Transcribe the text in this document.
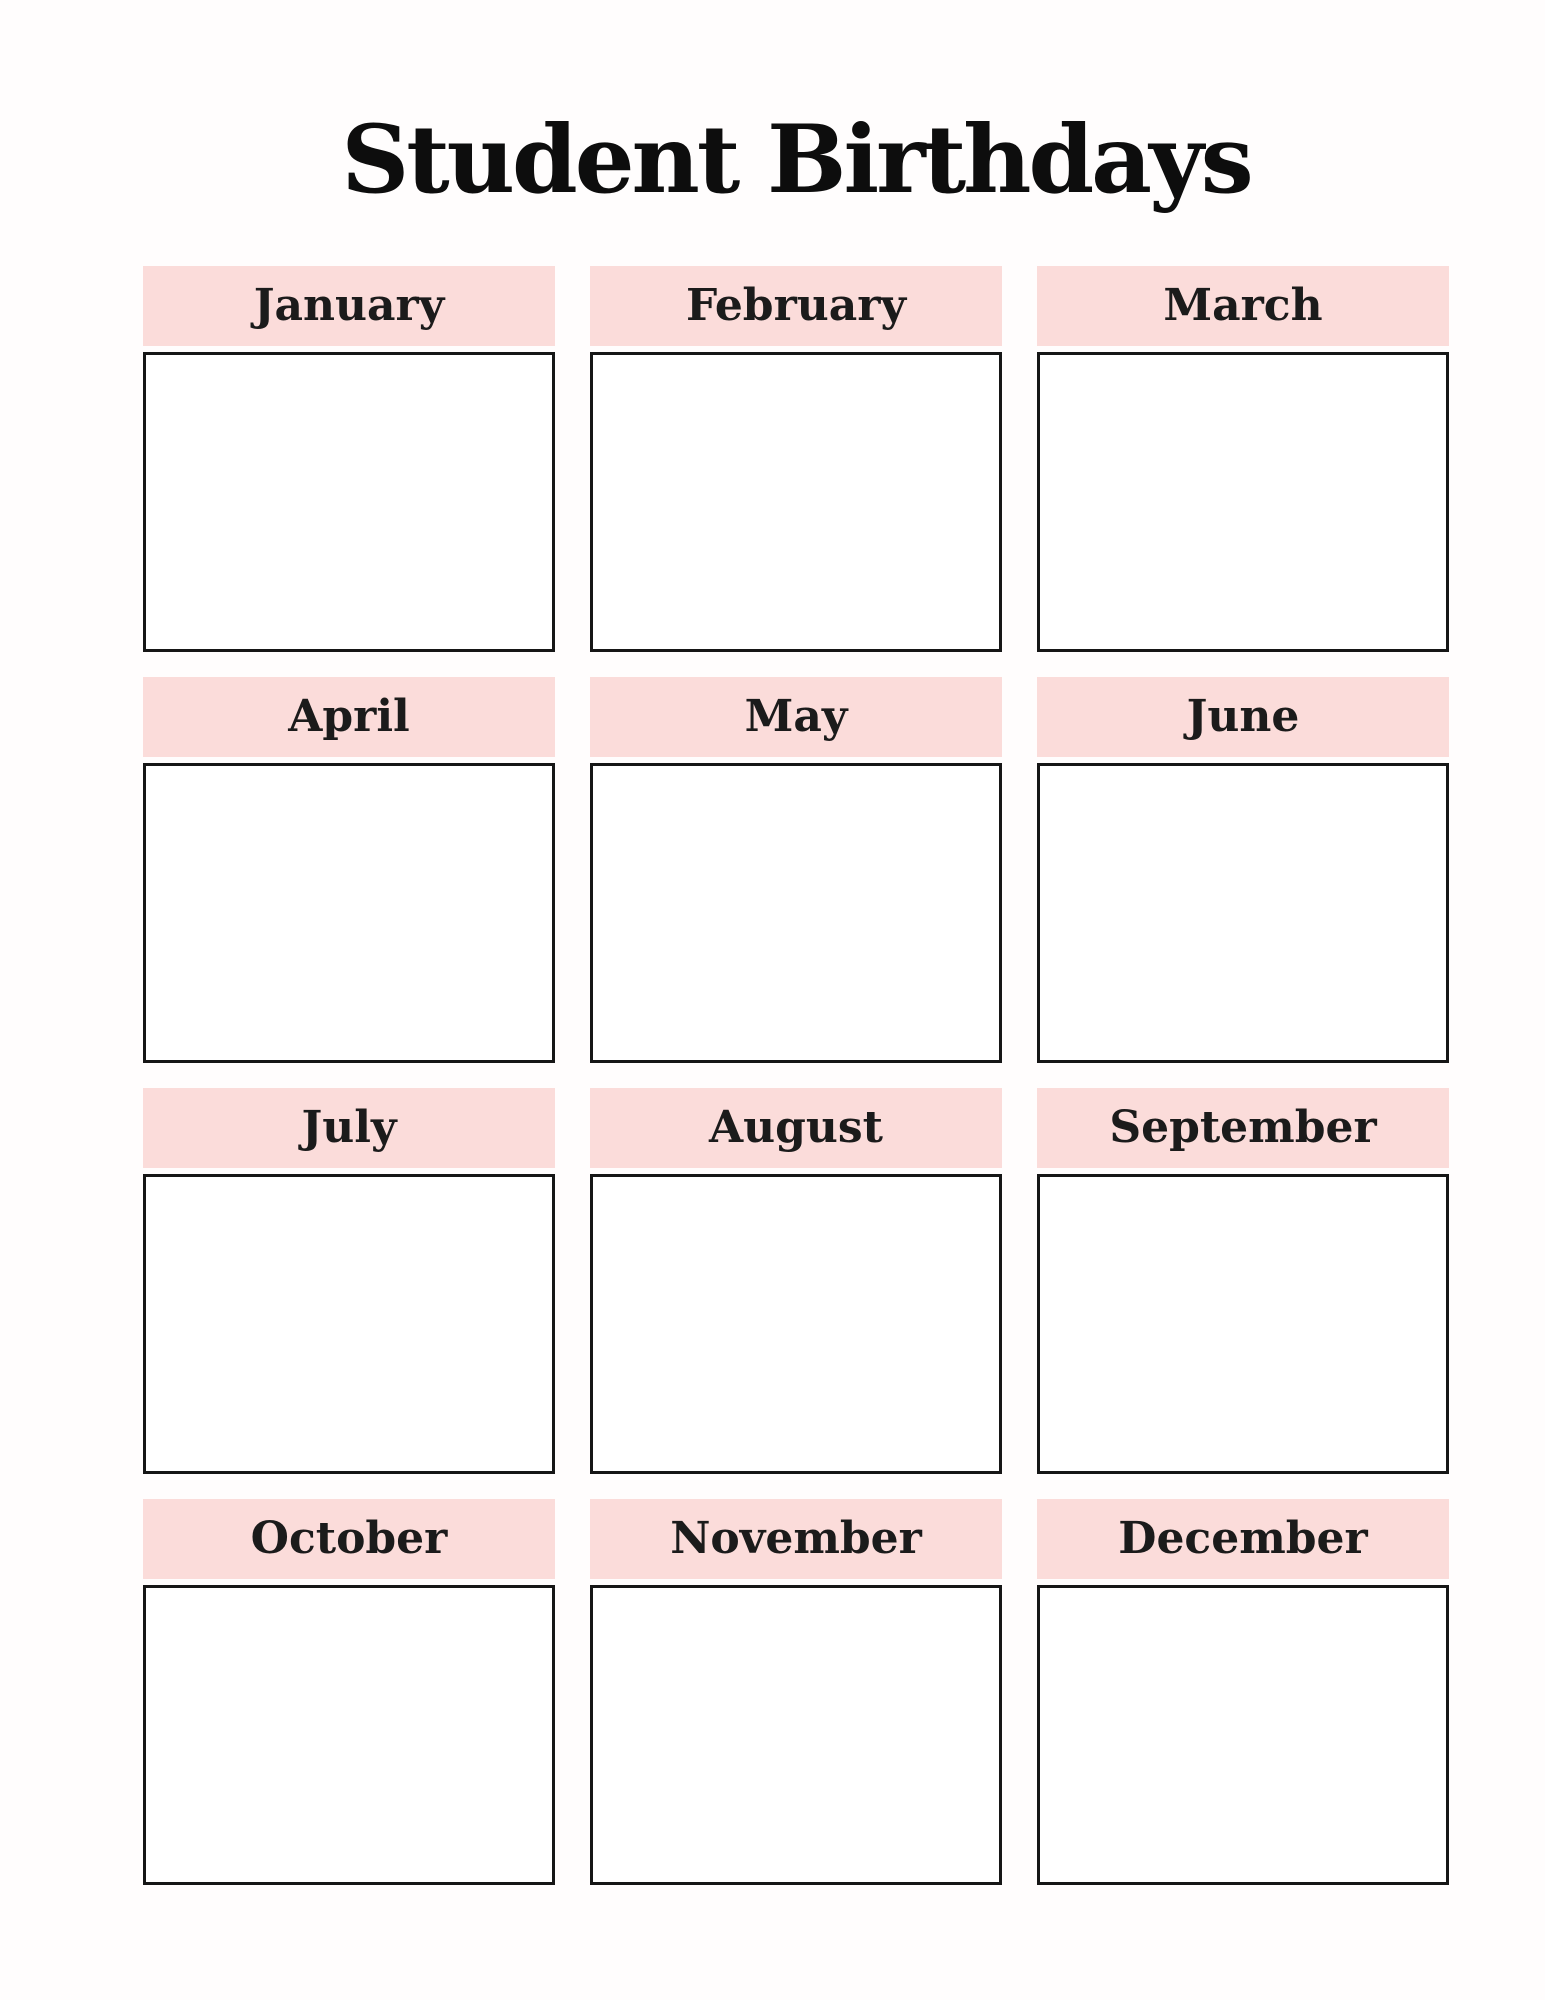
Student Birthdays
January	February	March
April	May	June
July	August	September
October	November	December
